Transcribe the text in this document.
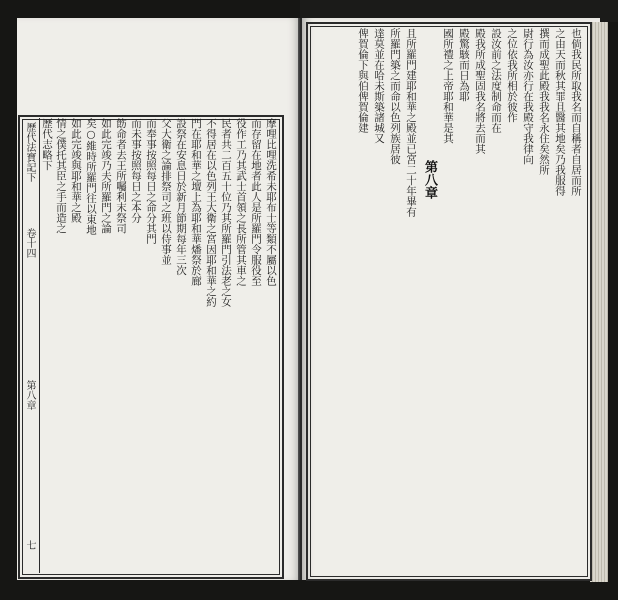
歷代法寶記下
卷十四
第八章
七
也倘我民所取我名而自稱者自居而所
之由天而秋其罪且醫其地矣乃我服得
撰而成聖此殿我我名永住矣然所
尉行為汝亦行在我殿守我律向
之位依我所相於彼作
設汝前之法度制命而在
殿我所成聖固我名將去而其
殿驚駭而日為耶
國所禮之上帝耶和華是其
第八章
且所羅門建耶和華之殿並已宮二十年畢有
所羅門築之而命以色列族居彼
達莫並在哈未斯築諸城又
俾賀倫下與伯俾賀倫建
摩哩比哩洗希未耶布士等類不屬以色
而存留在地者此人是所羅門令服役至
役作工乃其武士首領之長所管其車之
民者共二百五十位乃其所羅門引法老之女
不得居在以色列王大衛之宮因耶和華之約
門在耶和華之壇上為耶和華燔祭於廊
設祭在安息日於新月節期每年三次
父大衛之論排祭司之班以侍事並
而奉事按照每日之命分其門
而未事按照每日之本分
飭命者去王所囑利末祭司
如此完竣乃夫所羅門之論
矣○維時所羅門往以東地
如此完竣與耶和華之殿
情之僕托其臣之手而造之
歷代志略下
